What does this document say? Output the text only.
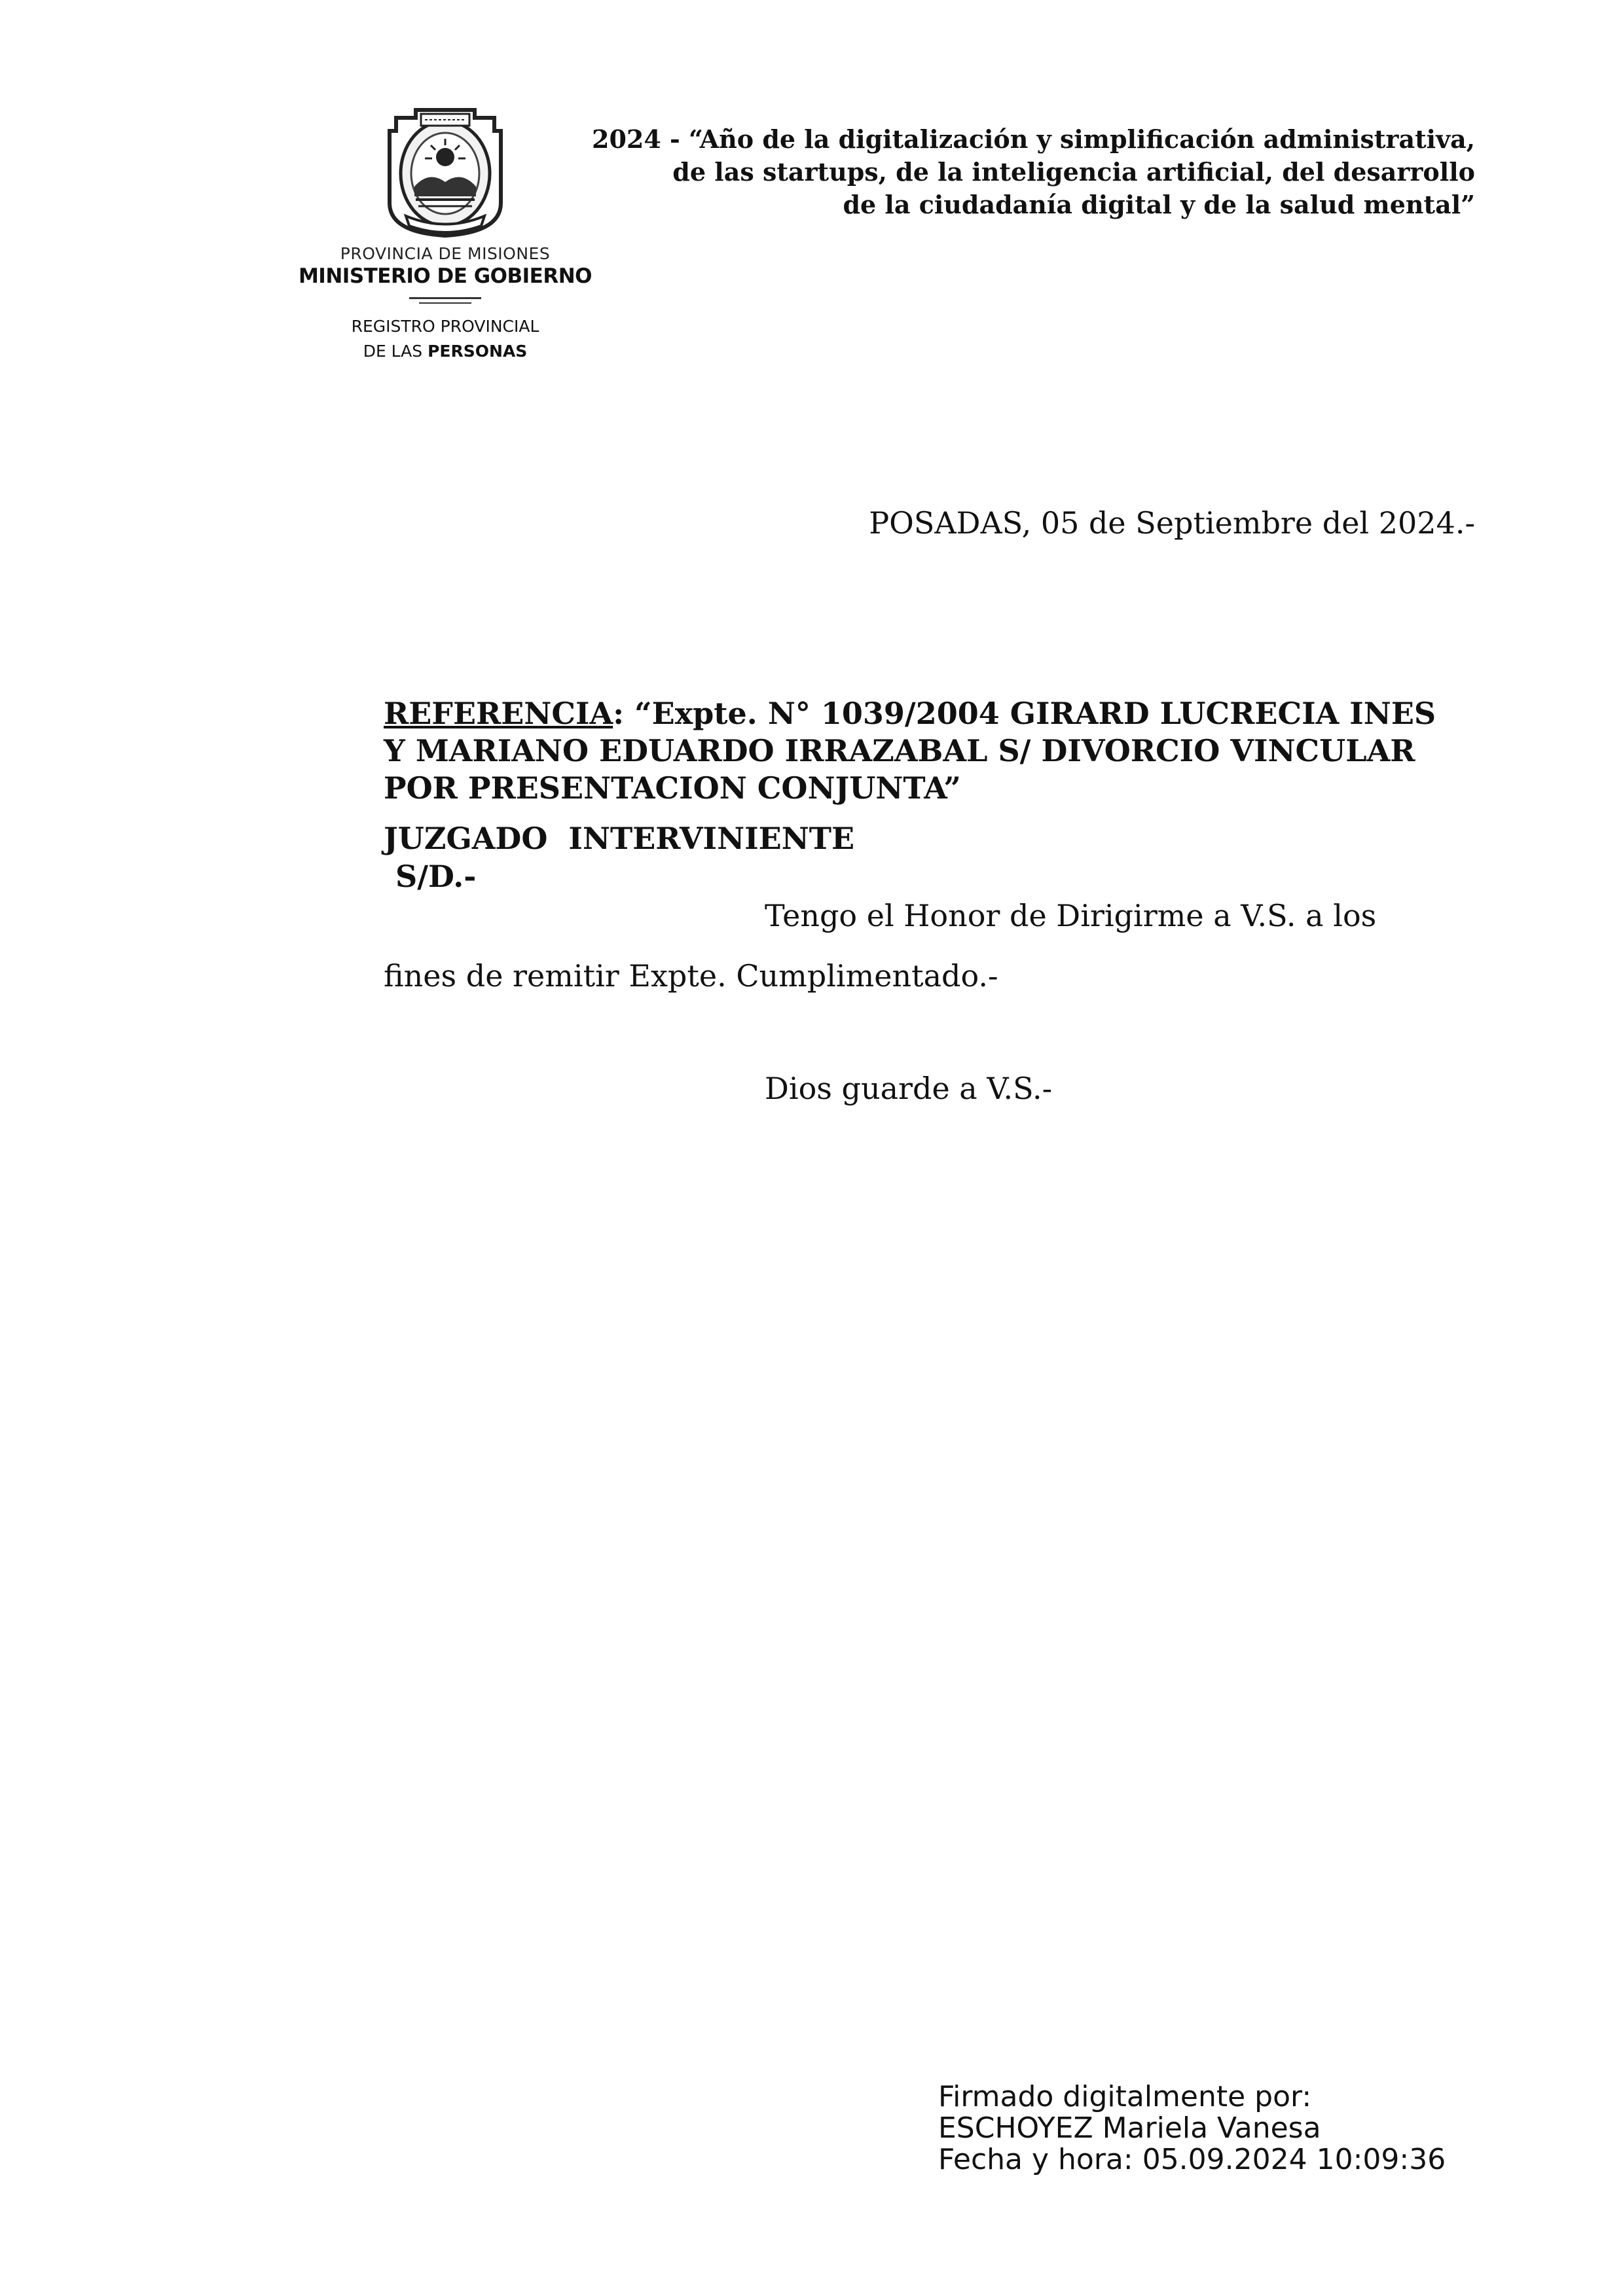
PROVINCIA DE MISIONES
MINISTERIO DE GOBIERNO
REGISTRO PROVINCIAL
DE LAS PERSONAS
2024 - “Año de la digitalización y simplificación administrativa,
de las startups, de la inteligencia artificial, del desarrollo
de la ciudadanía digital y de la salud mental”
POSADAS, 05 de Septiembre del 2024.-
REFERENCIA: “Expte. N° 1039/2004 GIRARD LUCRECIA INES
Y MARIANO EDUARDO IRRAZABAL S/ DIVORCIO VINCULAR
POR PRESENTACION CONJUNTA”
JUZGADO  INTERVINIENTE
S/D.-
Tengo el Honor de Dirigirme a V.S. a los
fines de remitir Expte. Cumplimentado.-
Dios guarde a V.S.-
Firmado digitalmente por:
ESCHOYEZ Mariela Vanesa
Fecha y hora: 05.09.2024 10:09:36
